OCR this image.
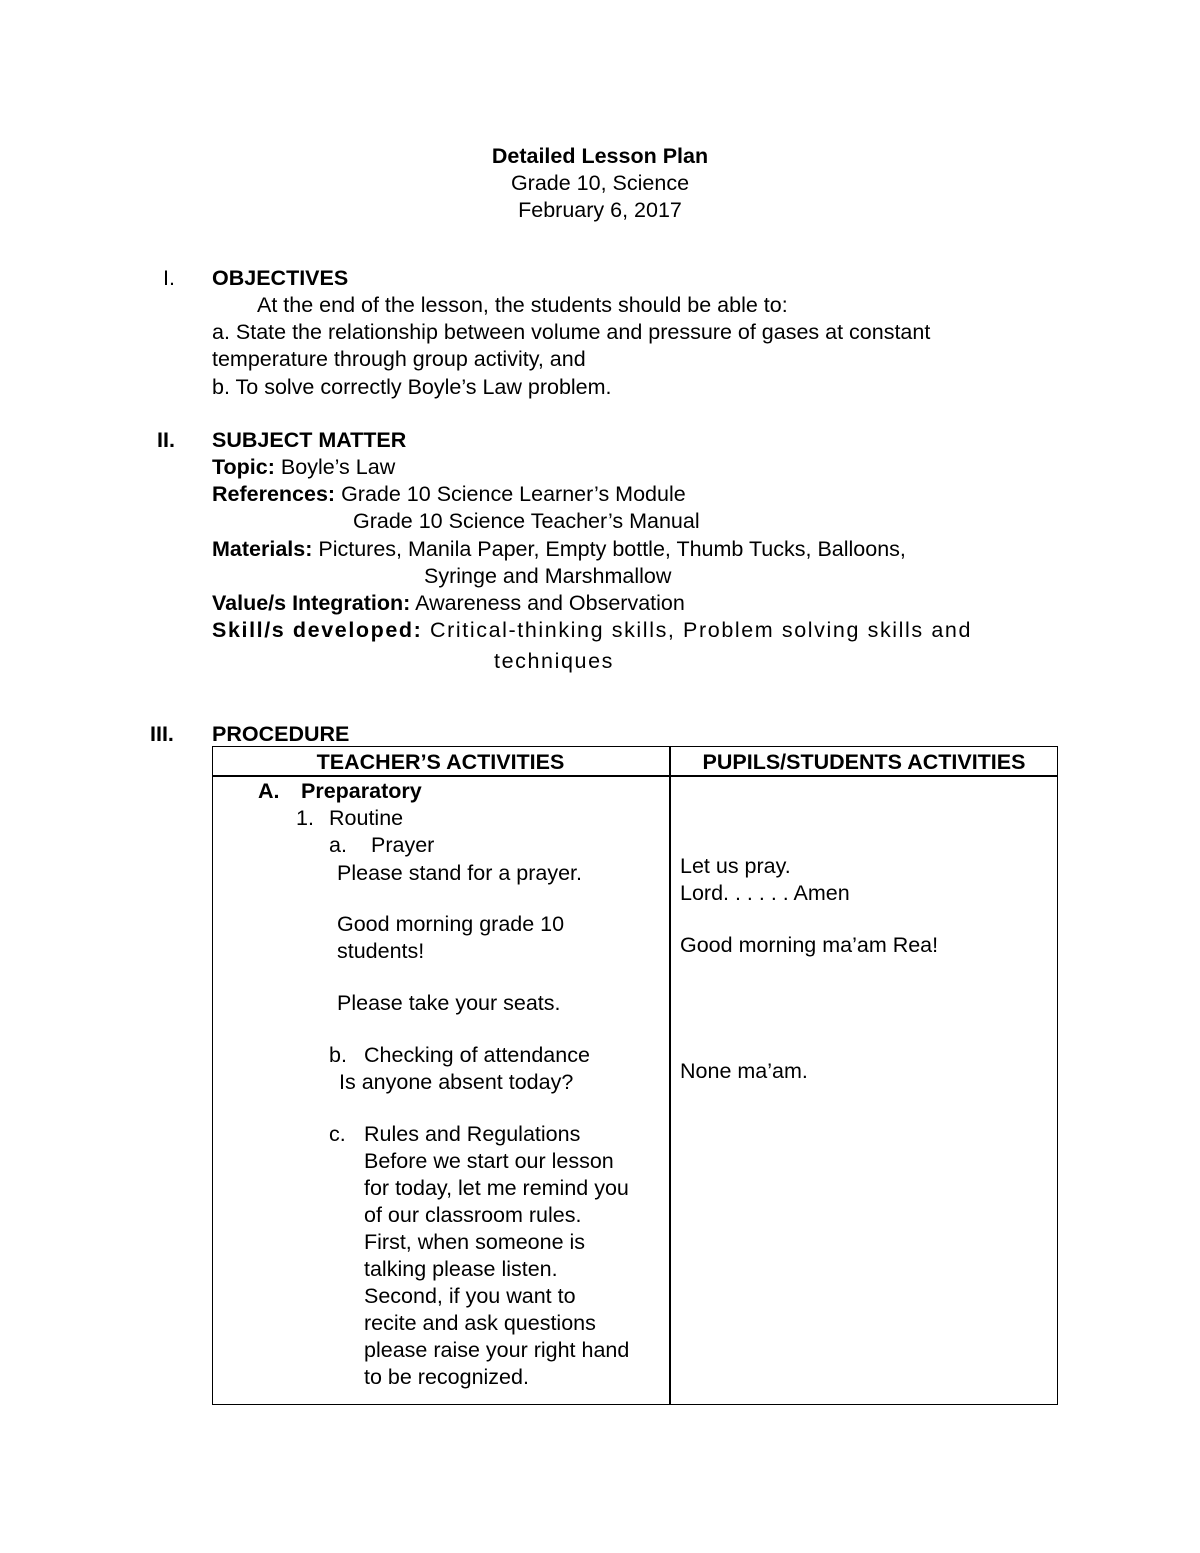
Detailed Lesson Plan
Grade 10, Science
February 6, 2017
I. OBJECTIVES
At the end of the lesson, the students should be able to:
a. State the relationship between volume and pressure of gases at constant
temperature through group activity, and
b. To solve correctly Boyle’s Law problem.
II. SUBJECT MATTER
Topic: Boyle’s Law
References: Grade 10 Science Learner’s Module
Grade 10 Science Teacher’s Manual
Materials: Pictures, Manila Paper, Empty bottle, Thumb Tucks, Balloons,
Syringe and Marshmallow
Value/s Integration: Awareness and Observation
Skill/s developed: Critical-thinking skills, Problem solving skills and
techniques
III. PROCEDURE
TEACHER’S ACTIVITIES	PUPILS/STUDENTS ACTIVITIES
A. Preparatory
1. Routine
a. Prayer
Please stand for a prayer.
Good morning grade 10
students!
Please take your seats.
b. Checking of attendance
Is anyone absent today?
c. Rules and Regulations
Before we start our lesson
for today, let me remind you
of our classroom rules.
First, when someone is
talking please listen.
Second, if you want to
recite and ask questions
please raise your right hand
to be recognized.
Let us pray.
Lord. . . . . . Amen
Good morning ma’am Rea!
None ma’am.
